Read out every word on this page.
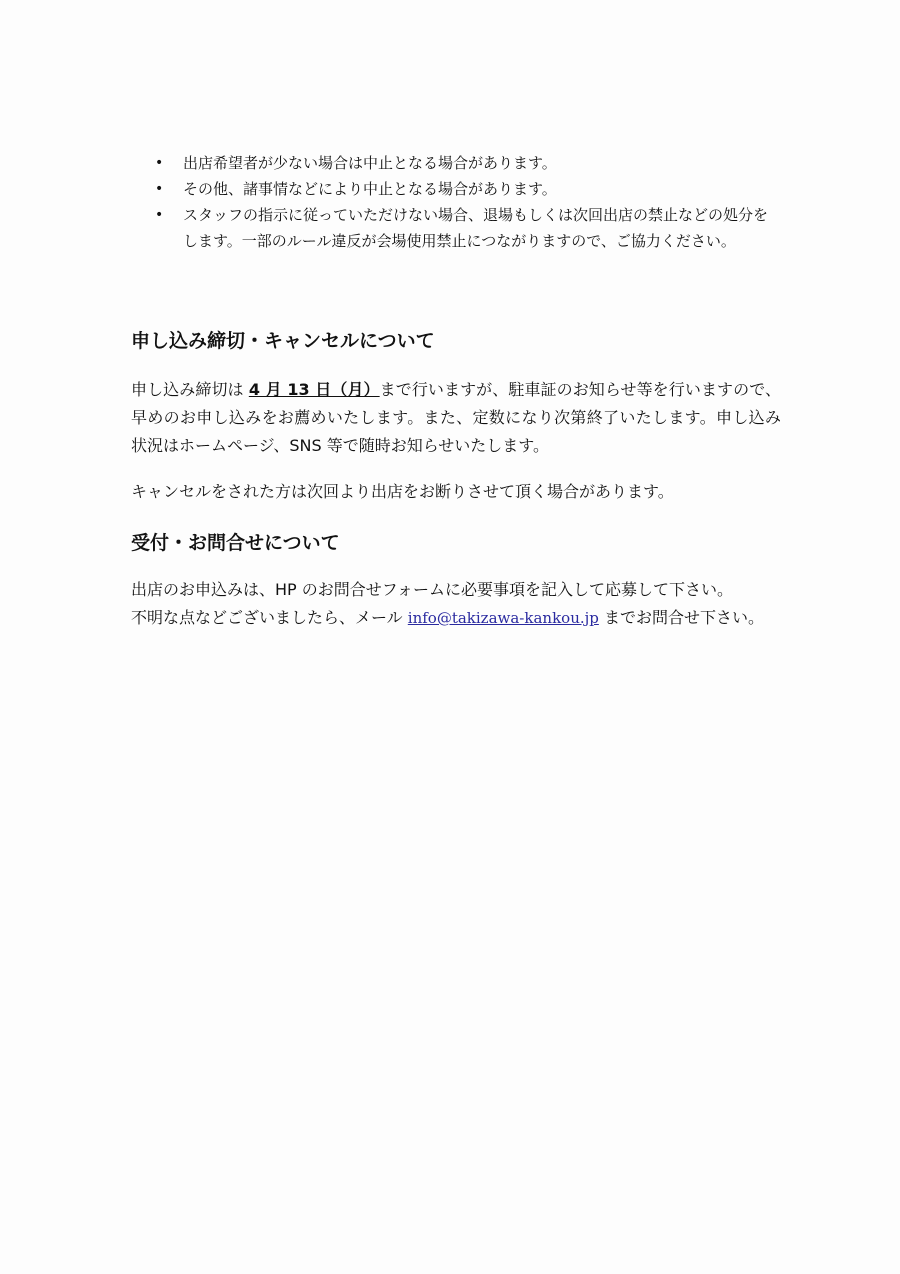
• 出店希望者が少ない場合は中止となる場合があります。
• その他、諸事情などにより中止となる場合があります。
• スタッフの指示に従っていただけない場合、退場もしくは次回出店の禁止などの処分をします。一部のルール違反が会場使用禁止につながりますので、ご協力ください。
申し込み締切・キャンセルについて

申し込み締切は 4 月 13 日（月）まで行いますが、駐車証のお知らせ等を行いますので、早めのお申し込みをお薦めいたします。また、定数になり次第終了いたします。申し込み状況はホームページ、SNS 等で随時お知らせいたします。

キャンセルをされた方は次回より出店をお断りさせて頂く場合があります。

受付・お問合せについて

出店のお申込みは、HP のお問合せフォームに必要事項を記入して応募して下さい。
不明な点などございましたら、メール info@takizawa-kankou.jp までお問合せ下さい。
